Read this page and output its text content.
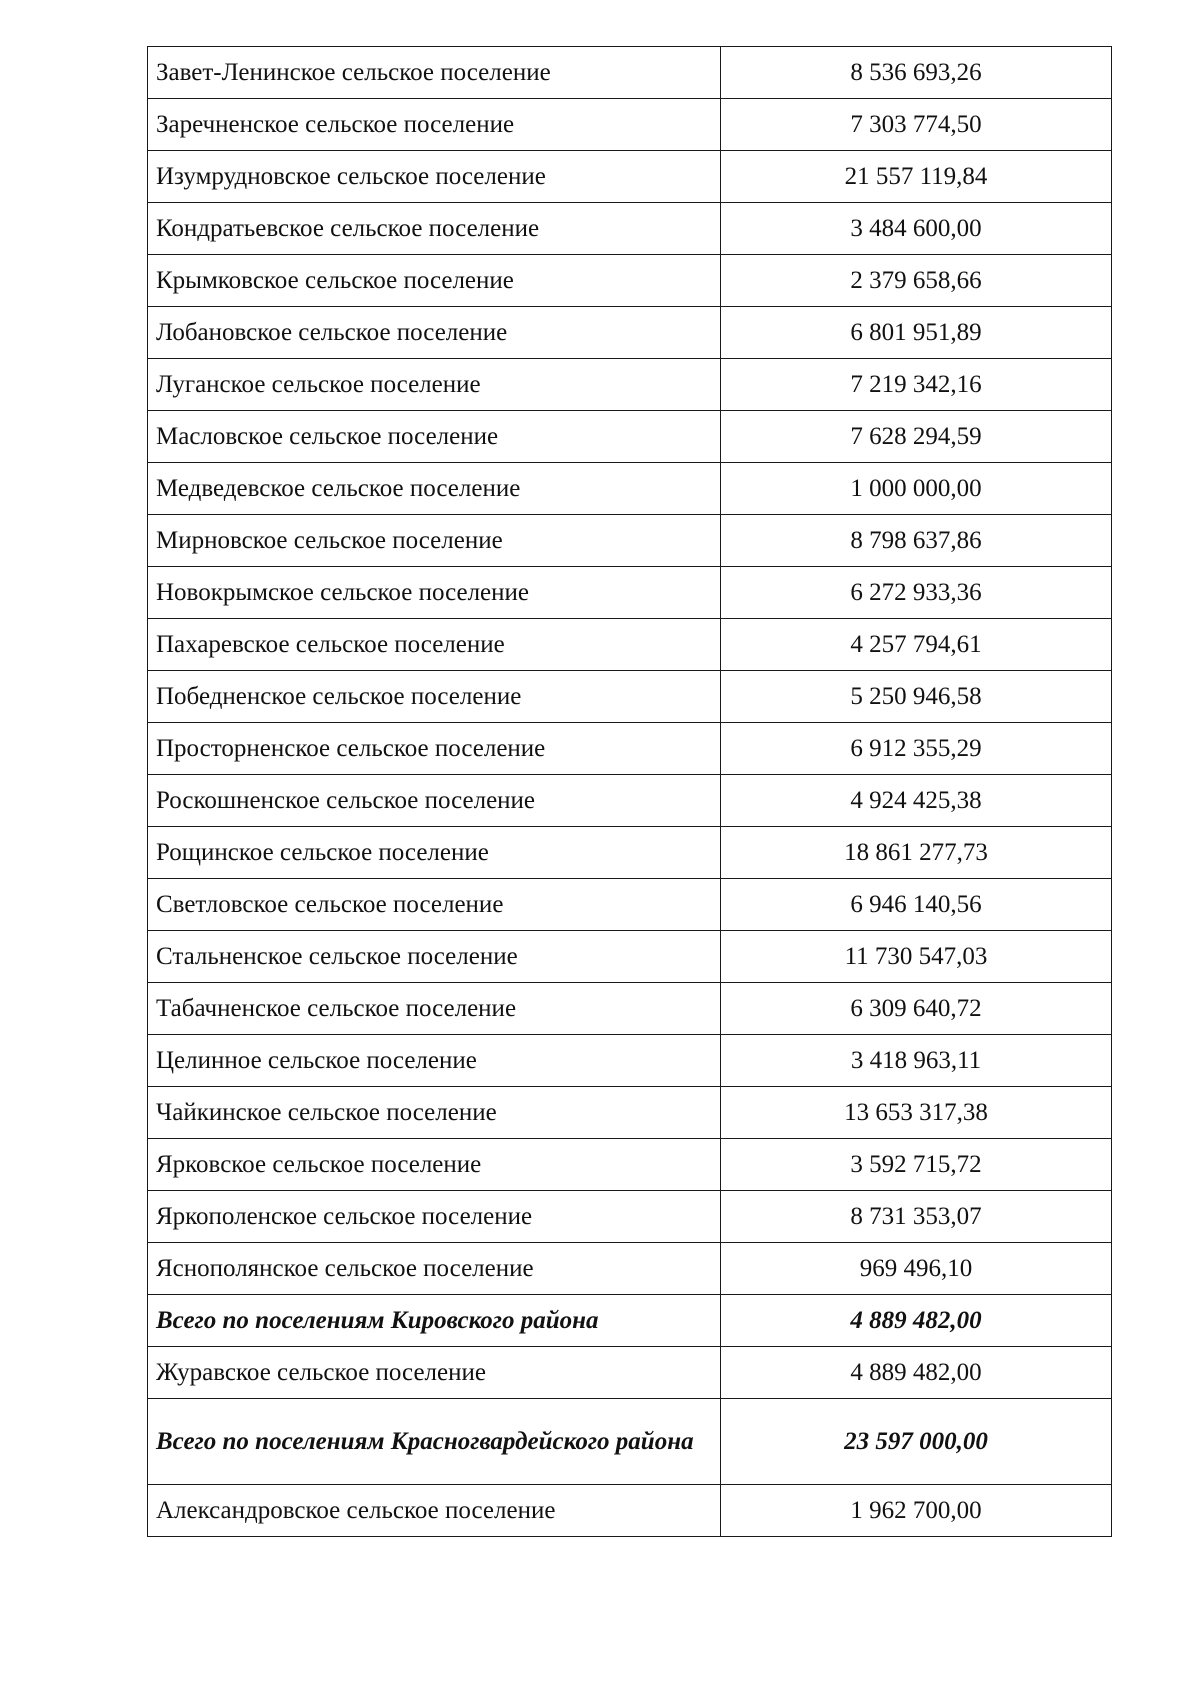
Завет-Ленинское сельское поселение	8 536 693,26
Заречненское сельское поселение	7 303 774,50
Изумрудновское сельское поселение	21 557 119,84
Кондратьевское сельское поселение	3 484 600,00
Крымковское сельское поселение	2 379 658,66
Лобановское сельское поселение	6 801 951,89
Луганское сельское поселение	7 219 342,16
Масловское сельское поселение	7 628 294,59
Медведевское сельское поселение	1 000 000,00
Мирновское сельское поселение	8 798 637,86
Новокрымское сельское поселение	6 272 933,36
Пахаревское сельское поселение	4 257 794,61
Победненское сельское поселение	5 250 946,58
Просторненское сельское поселение	6 912 355,29
Роскошненское сельское поселение	4 924 425,38
Рощинское сельское поселение	18 861 277,73
Светловское сельское поселение	6 946 140,56
Стальненское сельское поселение	11 730 547,03
Табачненское сельское поселение	6 309 640,72
Целинное сельское поселение	3 418 963,11
Чайкинское сельское поселение	13 653 317,38
Ярковское сельское поселение	3 592 715,72
Яркополенское сельское поселение	8 731 353,07
Яснополянское сельское поселение	969 496,10
Всего по поселениям Кировского района	4 889 482,00
Журавское сельское поселение	4 889 482,00
Всего по поселениям Красногвардейского района	23 597 000,00
Александровское сельское поселение	1 962 700,00
